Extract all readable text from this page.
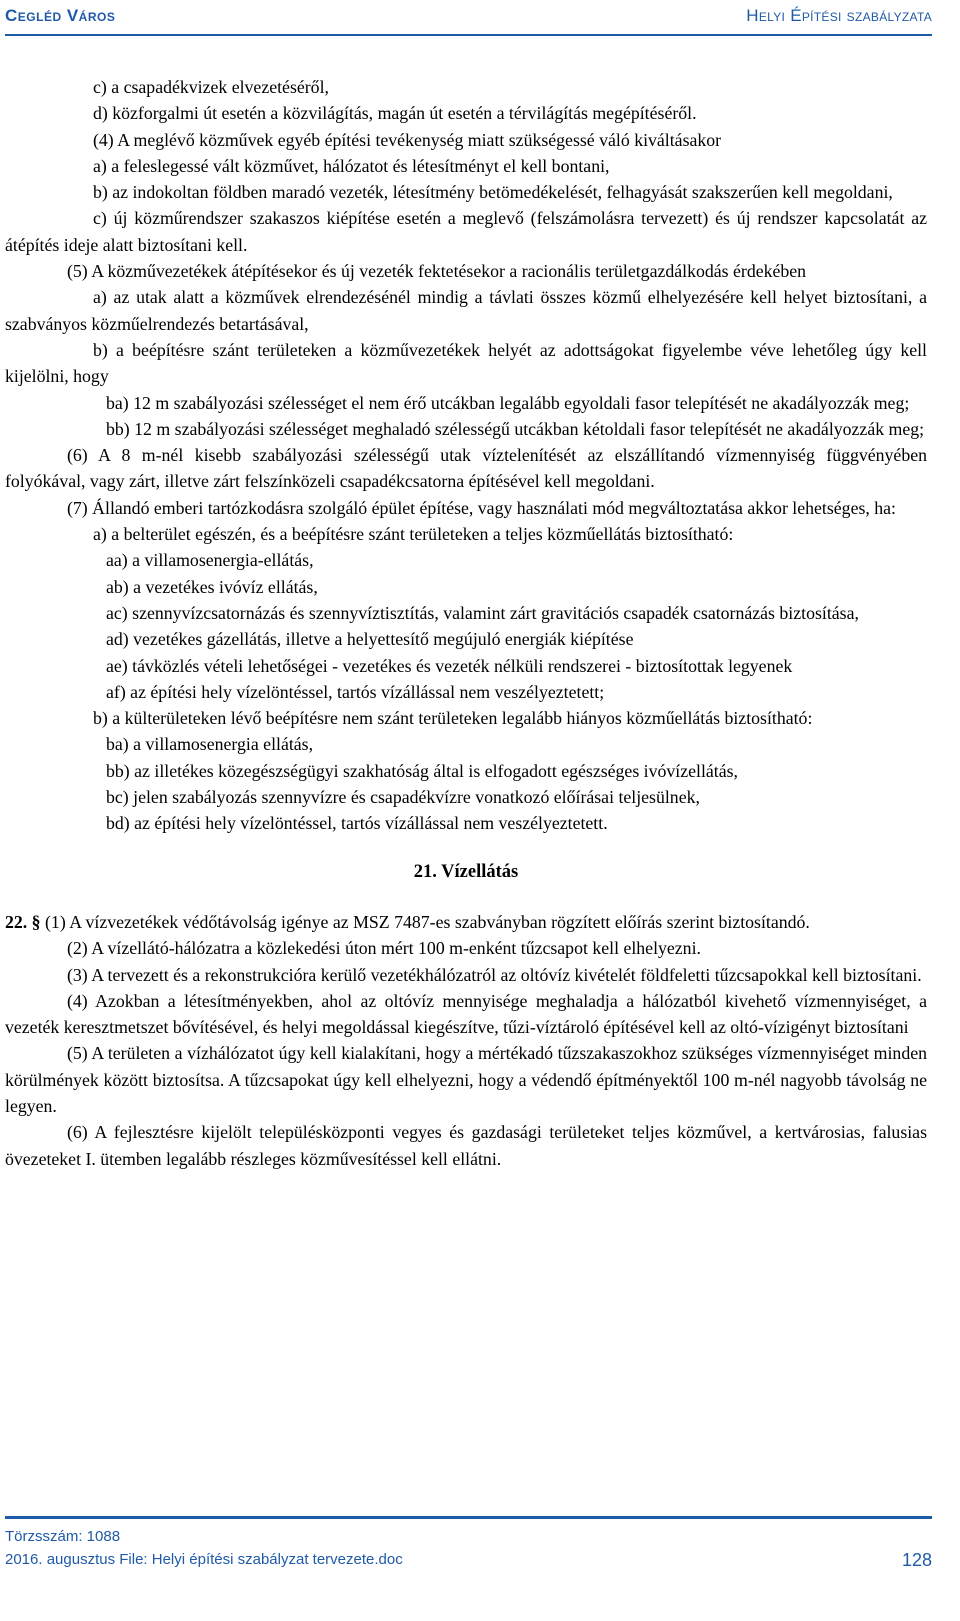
Cegléd Város	Helyi Építési szabályzata

c) a csapadékvizek elvezetéséről,

d) közforgalmi út esetén a közvilágítás, magán út esetén a térvilágítás megépítéséről.

(4) A meglévő közművek egyéb építési tevékenység miatt szükségessé váló kiváltásakor

a) a feleslegessé vált közművet, hálózatot és létesítményt el kell bontani,

b) az indokoltan földben maradó vezeték, létesítmény betömedékelését, felhagyását szakszerűen kell megoldani,

c) új közműrendszer szakaszos kiépítése esetén a meglevő (felszámolásra tervezett) és új rendszer kapcsolatát az átépítés ideje alatt biztosítani kell.

(5) A közművezetékek átépítésekor és új vezeték fektetésekor a racionális területgazdálkodás érdekében

a) az utak alatt a közművek elrendezésénél mindig a távlati összes közmű elhelyezésére kell helyet biztosítani, a szabványos közműelrendezés betartásával,

b) a beépítésre szánt területeken a közművezetékek helyét az adottságokat figyelembe véve lehetőleg úgy kell kijelölni, hogy

ba) 12 m szabályozási szélességet el nem érő utcákban legalább egyoldali fasor telepítését ne akadályozzák meg;

bb) 12 m szabályozási szélességet meghaladó szélességű utcákban kétoldali fasor telepítését ne akadályozzák meg;

(6) A 8 m-nél kisebb szabályozási szélességű utak víztelenítését az elszállítandó vízmennyiség függvényében folyókával, vagy zárt, illetve zárt felszínközeli csapadékcsatorna építésével kell megoldani.

(7) Állandó emberi tartózkodásra szolgáló épület építése, vagy használati mód megváltoztatása akkor lehetséges, ha:

a) a belterület egészén, és a beépítésre szánt területeken a teljes közműellátás biztosítható:

aa) a villamosenergia-ellátás,

ab) a vezetékes ivóvíz ellátás,

ac) szennyvízcsatornázás és szennyvíztisztítás, valamint zárt gravitációs csapadék csatornázás biztosítása,

ad) vezetékes gázellátás, illetve a helyettesítő megújuló energiák kiépítése

ae) távközlés vételi lehetőségei - vezetékes és vezeték nélküli rendszerei - biztosítottak legyenek

af) az építési hely vízelöntéssel, tartós vízállással nem veszélyeztetett;

b) a külterületeken lévő beépítésre nem szánt területeken legalább hiányos közműellátás biztosítható:

ba) a villamosenergia ellátás,

bb) az illetékes közegészségügyi szakhatóság által is elfogadott egészséges ivóvízellátás,

bc) jelen szabályozás szennyvízre és csapadékvízre vonatkozó előírásai teljesülnek,

bd) az építési hely vízelöntéssel, tartós vízállással nem veszélyeztetett.

21. Vízellátás

22. § (1) A vízvezetékek védőtávolság igénye az MSZ 7487-es szabványban rögzített előírás szerint biztosítandó.

(2) A vízellátó-hálózatra a közlekedési úton mért 100 m-enként tűzcsapot kell elhelyezni.

(3) A tervezett és a rekonstrukcióra kerülő vezetékhálózatról az oltóvíz kivételét földfeletti tűzcsapokkal kell biztosítani.

(4) Azokban a létesítményekben, ahol az oltóvíz mennyisége meghaladja a hálózatból kivehető vízmennyiséget, a vezeték keresztmetszet bővítésével, és helyi megoldással kiegészítve, tűzi-víztároló építésével kell az oltó-vízigényt biztosítani

(5) A területen a vízhálózatot úgy kell kialakítani, hogy a mértékadó tűzszakaszokhoz szükséges vízmennyiséget minden körülmények között biztosítsa. A tűzcsapokat úgy kell elhelyezni, hogy a védendő építményektől 100 m-nél nagyobb távolság ne legyen.

(6) A fejlesztésre kijelölt településközponti vegyes és gazdasági területeket teljes közművel, a kertvárosias, falusias övezeteket I. ütemben legalább részleges közművesítéssel kell ellátni.

Törzsszám: 1088
2016. augusztus File: Helyi építési szabályzat tervezete.doc	128
